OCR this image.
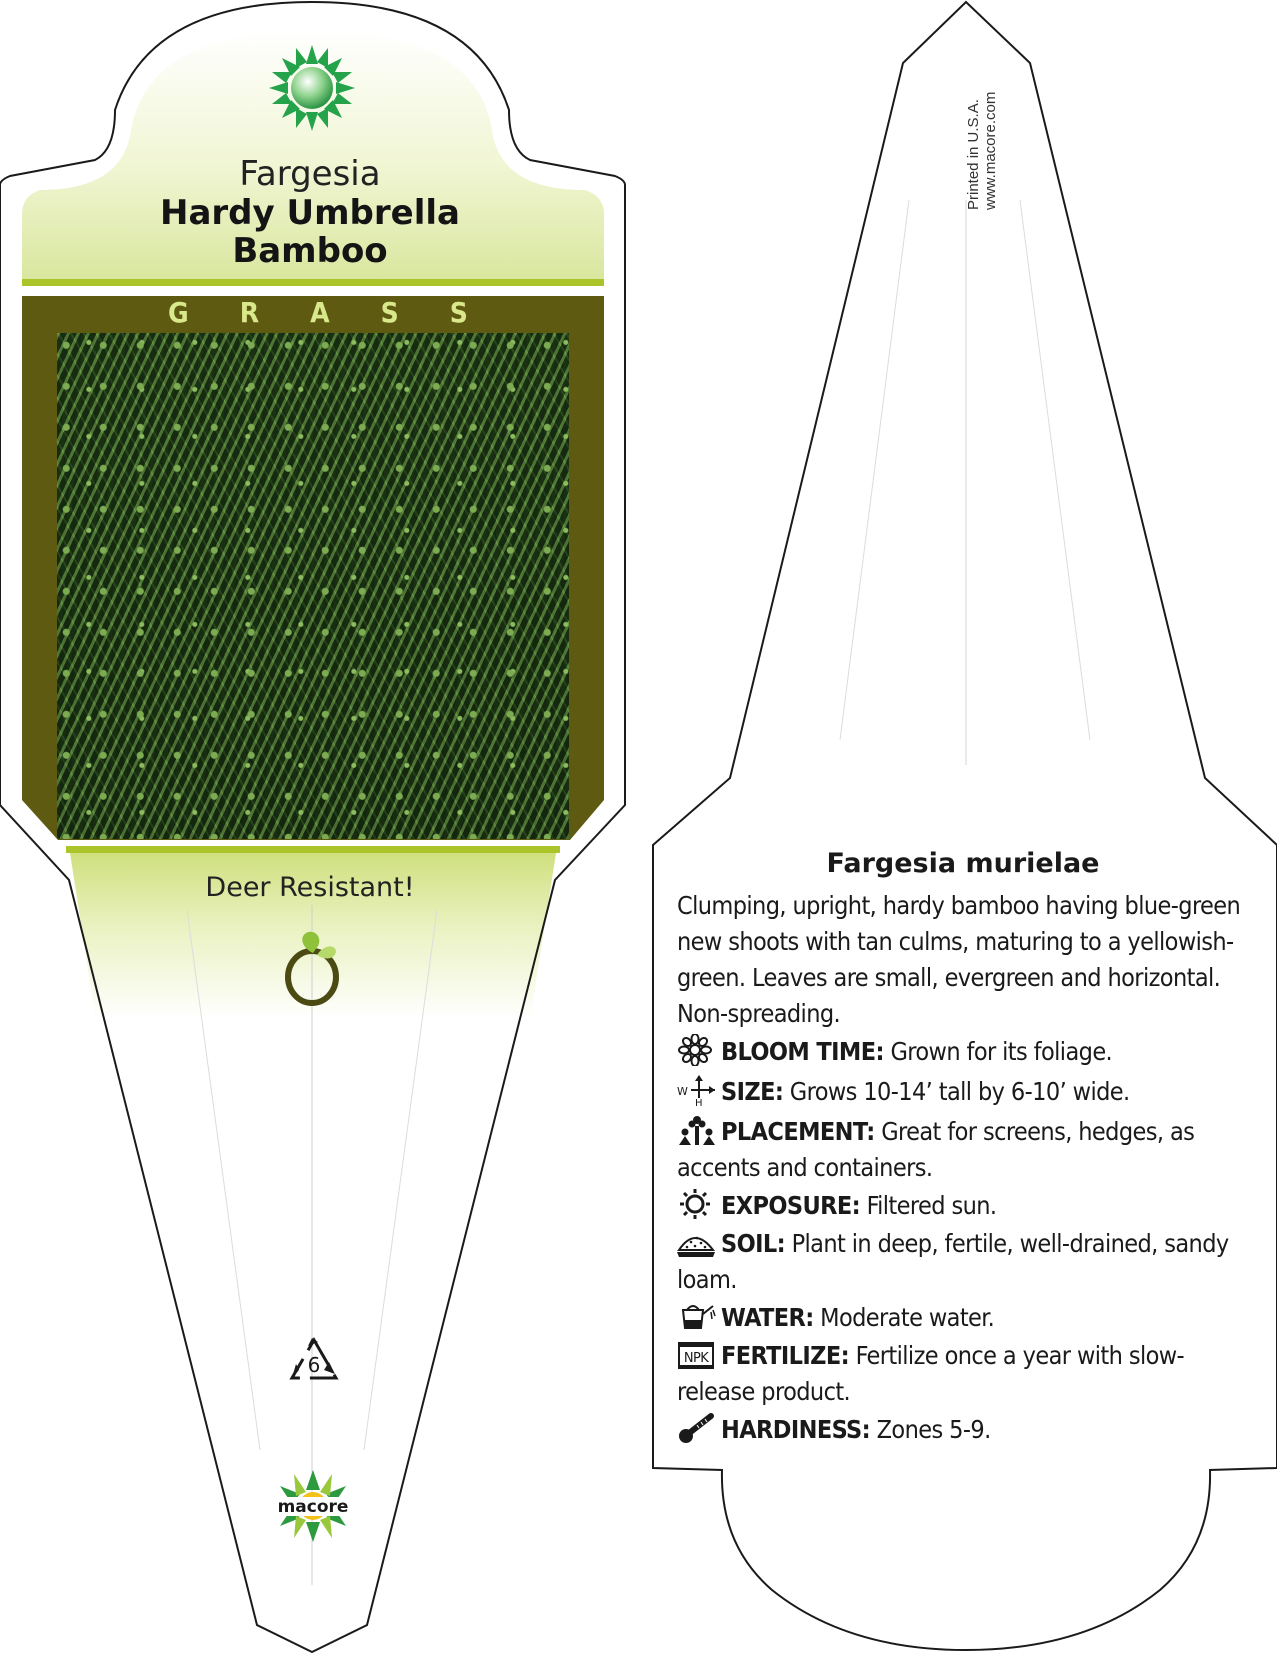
Fargesia
Hardy Umbrella
Bamboo
G R A S S
Deer Resistant!
6
macore
Printed in U.S.A. www.macore.com
Fargesia murielae
Clumping, upright, hardy bamboo having blue-green new shoots with tan culms, maturing to a yellowish-green. Leaves are small, evergreen and horizontal. Non-spreading.
BLOOM TIME: Grown for its foliage.
W
H SIZE: Grows 10-14’ tall by 6-10’ wide.
PLACEMENT: Great for screens, hedges, as accents and containers.
EXPOSURE: Filtered sun.
SOIL: Plant in deep, fertile, well-drained, sandy loam.
WATER: Moderate water.
NPK FERTILIZE: Fertilize once a year with slow-release product.
HARDINESS: Zones 5-9.
